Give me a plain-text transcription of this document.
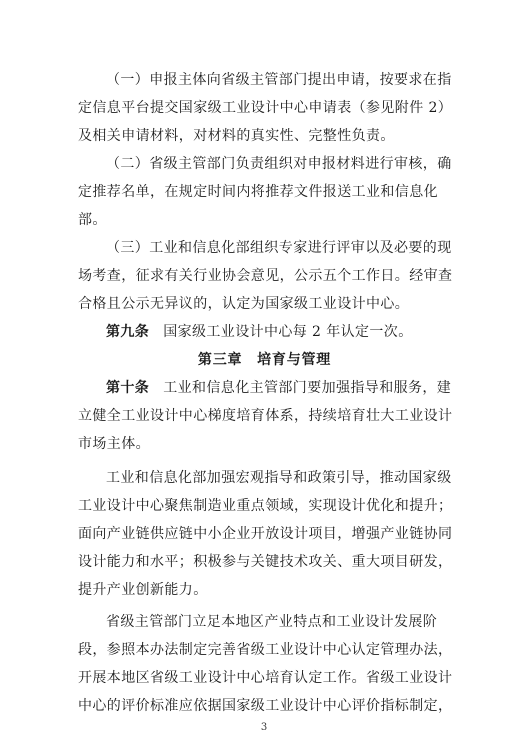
（一）申报主体向省级主管部门提出申请，按要求在指
定信息平台提交国家级工业设计中心申请表（参见附件 2）
及相关申请材料，对材料的真实性、完整性负责。
（二）省级主管部门负责组织对申报材料进行审核，确
定推荐名单，在规定时间内将推荐文件报送工业和信息化
部。
（三）工业和信息化部组织专家进行评审以及必要的现
场考查，征求有关行业协会意见，公示五个工作日。经审查
合格且公示无异议的，认定为国家级工业设计中心。
第九条 国家级工业设计中心每 2 年认定一次。
第三章　培育与管理
第十条 工业和信息化主管部门要加强指导和服务，建
立健全工业设计中心梯度培育体系，持续培育壮大工业设计
市场主体。
工业和信息化部加强宏观指导和政策引导，推动国家级
工业设计中心聚焦制造业重点领域，实现设计优化和提升；
面向产业链供应链中小企业开放设计项目，增强产业链协同
设计能力和水平；积极参与关键技术攻关、重大项目研发，
提升产业创新能力。
省级主管部门立足本地区产业特点和工业设计发展阶
段，参照本办法制定完善省级工业设计中心认定管理办法，
开展本地区省级工业设计中心培育认定工作。省级工业设计
中心的评价标准应依据国家级工业设计中心评价指标制定，
3
